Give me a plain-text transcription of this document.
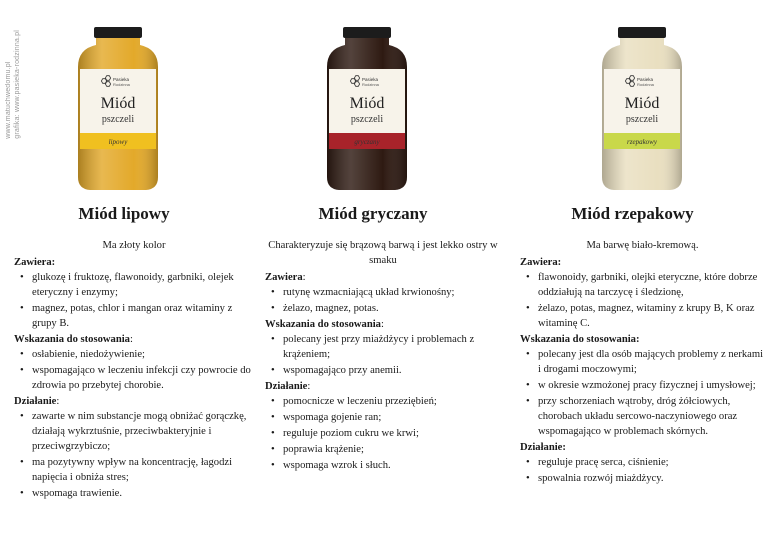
www.matuchwedomu.pl grafika: www.pasieka-rodzinna.pl	Pasieka
Rodzinna
Miód
pszczeli
lipowy
Miód lipowy

Ma złoty kolor

Zawiera:

• glukozę i fruktozę, flawonoidy, garbniki, olejek eteryczny i enzymy;
• magnez, potas, chlor i mangan oraz witaminy z grupy B.

Wskazania do stosowania:

• osłabienie, niedożywienie;
• wspomagająco w leczeniu infekcji czy powrocie do zdrowia po przebytej chorobie.

Działanie:

• zawarte w nim substancje mogą obniżać gorączkę, działają wykrztuśnie, przeciwbakteryjnie i przeciwgrzybiczo;
• ma pozytywny wpływ na koncentrację, łagodzi napięcia i obniża stres;
• wspomaga trawienie.
Pasieka
Rodzinna
Miód
pszczeli
gryczany
Miód gryczany

Charakteryzuje się brązową barwą i jest lekko ostry w smaku

Zawiera:

• rutynę wzmacniającą układ krwionośny;
• żelazo, magnez, potas.

Wskazania do stosowania:

• polecany jest przy miażdżycy i problemach z krążeniem;
• wspomagająco przy anemii.

Działanie:

• pomocnicze w leczeniu przeziębień;
• wspomaga gojenie ran;
• reguluje poziom cukru we krwi;
• poprawia krążenie;
• wspomaga wzrok i słuch.
Pasieka
Rodzinna
Miód
pszczeli
rzepakowy
Miód rzepakowy

Ma barwę biało-kremową.

Zawiera:

• flawonoidy, garbniki, olejki eteryczne, które dobrze oddziałują na tarczycę i śledzionę,
• żelazo, potas, magnez, witaminy z krupy B, K oraz witaminę C.

Wskazania do stosowania:

• polecany jest dla osób mających problemy z nerkami i drogami moczowymi;
• w okresie wzmożonej pracy fizycznej i umysłowej;
• przy schorzeniach wątroby, dróg żółciowych, chorobach układu sercowo-naczyniowego oraz wspomagająco w problemach skórnych.

Działanie:

• reguluje pracę serca, ciśnienie;
• spowalnia rozwój miażdżycy.
